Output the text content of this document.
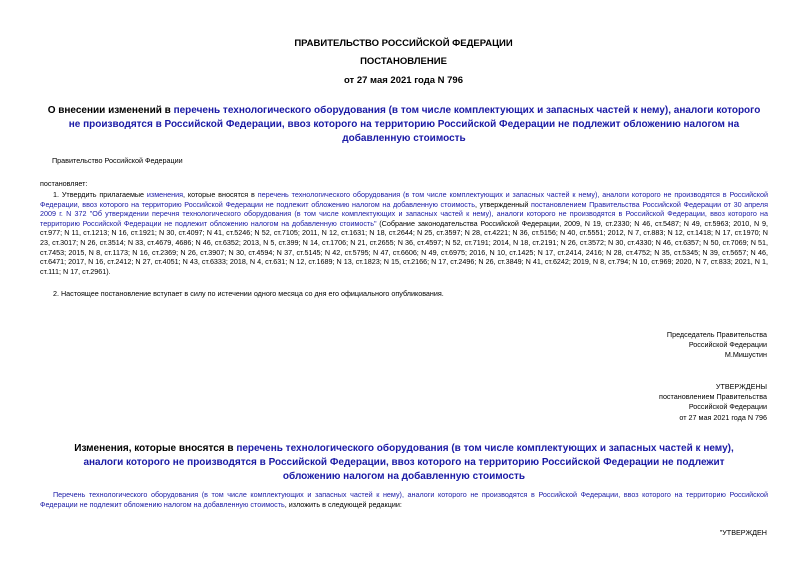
ПРАВИТЕЛЬСТВО РОССИЙСКОЙ ФЕДЕРАЦИИ
ПОСТАНОВЛЕНИЕ
от 27 мая 2021 года N 796
О внесении изменений в перечень технологического оборудования (в том числе комплектующих и запасных частей к нему), аналоги которого не производятся в Российской Федерации, ввоз которого на территорию Российской Федерации не подлежит обложению налогом на добавленную стоимость
Правительство Российской Федерации
постановляет:
1. Утвердить прилагаемые изменения, которые вносятся в перечень технологического оборудования (в том числе комплектующих и запасных частей к нему), аналоги которого не производятся в Российской Федерации, ввоз которого на территорию Российской Федерации не подлежит обложению налогом на добавленную стоимость, утвержденный постановлением Правительства Российской Федерации от 30 апреля 2009 г. N 372 "Об утверждении перечня технологического оборудования (в том числе комплектующих и запасных частей к нему), аналоги которого не производятся в Российской Федерации, ввоз которого на территорию Российской Федерации не подлежит обложению налогом на добавленную стоимость" (Собрание законодательства Российской Федерации, 2009, N 19, ст.2330; N 46, ст.5487; N 49, ст.5963; 2010, N 9, ст.977; N 11, ст.1213; N 16, ст.1921; N 30, ст.4097; N 41, ст.5246; N 52, ст.7105; 2011, N 12, ст.1631; N 18, ст.2644; N 25, ст.3597; N 28, ст.4221; N 36, ст.5156; N 40, ст.5551; 2012, N 7, ст.883; N 12, ст.1418; N 17, ст.1970; N 23, ст.3017; N 26, ст.3514; N 33, ст.4679, 4686; N 46, ст.6352; 2013, N 5, ст.399; N 14, ст.1706; N 21, ст.2655; N 36, ст.4597; N 52, ст.7191; 2014, N 18, ст.2191; N 26, ст.3572; N 30, ст.4330; N 46, ст.6357; N 50, ст.7069; N 51, ст.7453; 2015, N 8, ст.1173; N 16, ст.2369; N 26, ст.3907; N 30, ст.4594; N 37, ст.5145; N 42, ст.5795; N 47, ст.6606; N 49, ст.6975; 2016, N 10, ст.1425; N 17, ст.2414, 2416; N 28, ст.4752; N 35, ст.5345; N 39, ст.5657; N 46, ст.6471; 2017, N 16, ст.2412; N 27, ст.4051; N 43, ст.6333; 2018, N 4, ст.631; N 12, ст.1689; N 13, ст.1823; N 15, ст.2166; N 17, ст.2496; N 26, ст.3849; N 41, ст.6242; 2019, N 8, ст.794; N 10, ст.969; 2020, N 7, ст.833; 2021, N 1, ст.111; N 17, ст.2961).
2. Настоящее постановление вступает в силу по истечении одного месяца со дня его официального опубликования.
Председатель Правительства
Российской Федерации
М.Мишустин
УТВЕРЖДЕНЫ
постановлением Правительства
Российской Федерации
от 27 мая 2021 года N 796
Изменения, которые вносятся в перечень технологического оборудования (в том числе комплектующих и запасных частей к нему), аналоги которого не производятся в Российской Федерации, ввоз которого на территорию Российской Федерации не подлежит обложению налогом на добавленную стоимость
Перечень технологического оборудования (в том числе комплектующих и запасных частей к нему), аналоги которого не производятся в Российской Федерации, ввоз которого на территорию Российской Федерации не подлежит обложению налогом на добавленную стоимость, изложить в следующей редакции:
"УТВЕРЖДЕН
